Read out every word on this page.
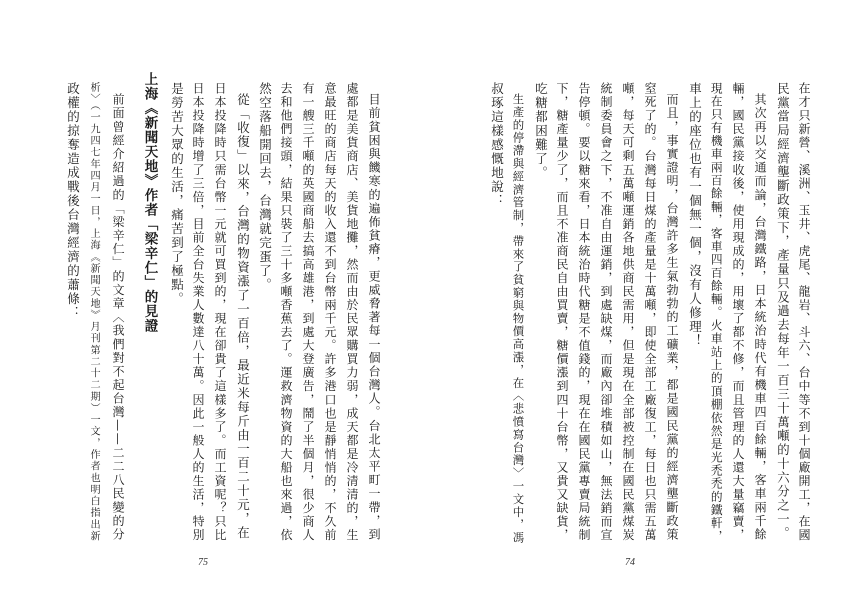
政權的掠奪造成戰後台灣經濟的蕭條： 析〉（一九四七年四月一日，上海《新聞天地》月刊第二十二期）一文，作者也明白指出新 前面曾經介紹過的「梁辛仁」的文章〈我們對不起台灣——二二八民變的分 上海《新聞天地》作者「梁辛仁」的見證 是勞苦大眾的生活，痛苦到了極點。 日本投降時增了三倍，目前全台失業人數達八十萬。因此一般人的生活，特別 日本投降時只需台幣一元就可買到的，現在卻貴了這樣多了。而工資呢？只比 從「收復」以來，台灣的物資漲了一百倍，最近米每斤由一百二十元，在 然空落船開回去，台灣就完蛋了。 去和他們接頭，結果只裝了三十多噸香蕉去了。運救濟物資的大船也來過，依 有一艘三千噸的英國商船去搞高雄港，到處大登廣告，鬧了半個月，很少商人 意最旺的商店每天的收入還不到台幣兩千元。許多港口也是靜悄悄的，不久前 處都是美貨商店、美貨地攤，然而由於民眾購買力弱，成天都是冷清清的，生 目前貧困與饑寒的遍佈貧瘠，更威脅著每一個台灣人。台北太平町一帶，到
75
叔琢這樣感慨地說： 生產的停滯與經濟管制，帶來了貧窮與物價高漲，在〈悲憤寫台灣〉一文中，馮 吃糖都困難了。 下，糖產量少了，而且不准商民自由買賣，糖價漲到四十台幣，又貴又缺貨， 告停頓。要以糖來看，日本統治時代糖是不值錢的，現在在國民黨專賣局統制 統制委員會之下，不准自由運銷，到處缺煤，而廠內卻堆積如山，無法銷而宣 噸，每天可剩五萬噸運銷各地供商民需用，但是現在全部被控制在國民黨煤炭 窒死了的。台灣每日煤的產量是十萬噸，即使全部工廠復工，每日也只需五萬 而且，事實證明，台灣許多生氣勃勃的工礦業，都是國民黨的經濟壟斷政策 車上的座位也有一個無一個，沒有人修理！ 現在只有機車兩百餘輛，客車四百餘輛。火車站上的頂棚依然是光禿禿的鐵軒， 輛，國民黨接收後，使用現成的，用壞了都不修，而且管理的人還大量竊賣， 其次再以交通而論，台灣鐵路，日本統治時代有機車四百餘輛，客車兩千餘 民黨當局經濟壟斷政策下，產量只及過去每年一百三十萬噸的十六分之一。 在才只新營、溪洲、玉井、虎尾、龍岩、斗六、台中等不到十個廠開工，在國
74
